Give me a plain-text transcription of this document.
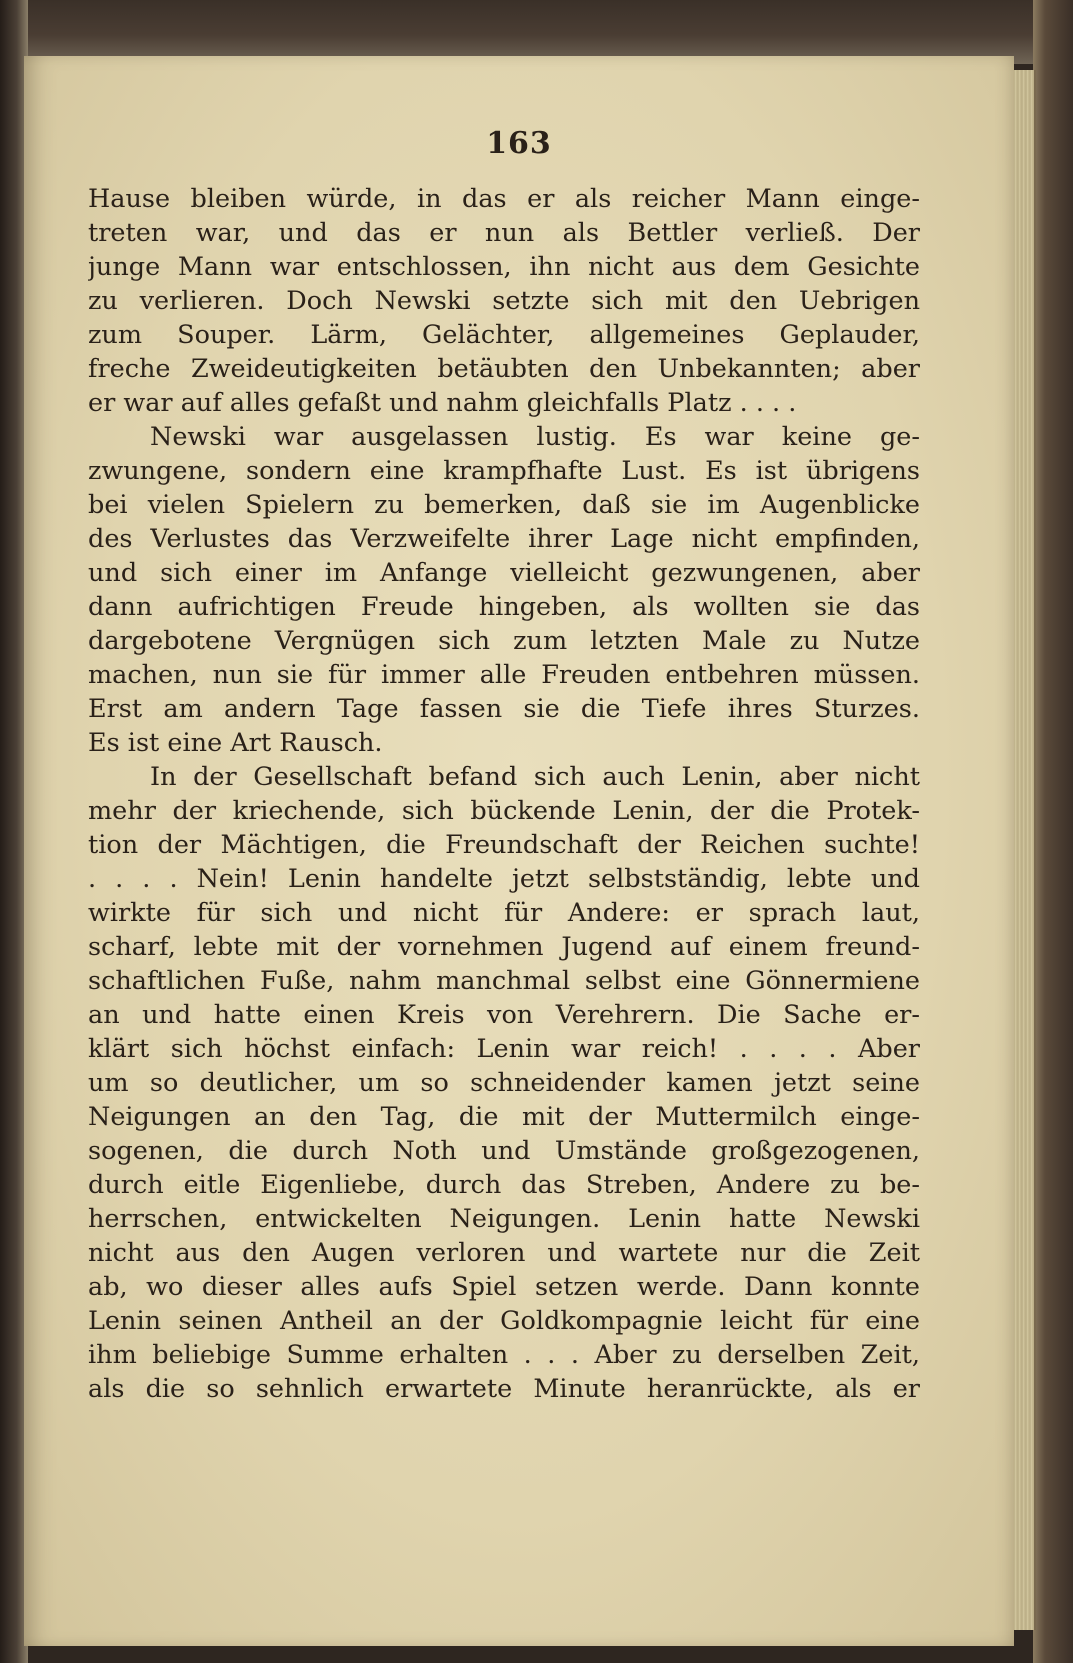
163
Hause bleiben würde, in das er als reicher Mann einge-
treten war, und das er nun als Bettler verließ. Der
junge Mann war entschlossen, ihn nicht aus dem Gesichte
zu verlieren. Doch Newski setzte sich mit den Uebrigen
zum Souper. Lärm, Gelächter, allgemeines Geplauder,
freche Zweideutigkeiten betäubten den Unbekannten; aber
er war auf alles gefaßt und nahm gleichfalls Platz . . . .
Newski war ausgelassen lustig. Es war keine ge-
zwungene, sondern eine krampfhafte Lust. Es ist übrigens
bei vielen Spielern zu bemerken, daß sie im Augenblicke
des Verlustes das Verzweifelte ihrer Lage nicht empfinden,
und sich einer im Anfange vielleicht gezwungenen, aber
dann aufrichtigen Freude hingeben, als wollten sie das
dargebotene Vergnügen sich zum letzten Male zu Nutze
machen, nun sie für immer alle Freuden entbehren müssen.
Erst am andern Tage fassen sie die Tiefe ihres Sturzes.
Es ist eine Art Rausch.
In der Gesellschaft befand sich auch Lenin, aber nicht
mehr der kriechende, sich bückende Lenin, der die Protek-
tion der Mächtigen, die Freundschaft der Reichen suchte!
. . . . Nein! Lenin handelte jetzt selbstständig, lebte und
wirkte für sich und nicht für Andere: er sprach laut,
scharf, lebte mit der vornehmen Jugend auf einem freund-
schaftlichen Fuße, nahm manchmal selbst eine Gönnermiene
an und hatte einen Kreis von Verehrern. Die Sache er-
klärt sich höchst einfach: Lenin war reich! . . . . Aber
um so deutlicher, um so schneidender kamen jetzt seine
Neigungen an den Tag, die mit der Muttermilch einge-
sogenen, die durch Noth und Umstände großgezogenen,
durch eitle Eigenliebe, durch das Streben, Andere zu be-
herrschen, entwickelten Neigungen. Lenin hatte Newski
nicht aus den Augen verloren und wartete nur die Zeit
ab, wo dieser alles aufs Spiel setzen werde. Dann konnte
Lenin seinen Antheil an der Goldkompagnie leicht für eine
ihm beliebige Summe erhalten . . . Aber zu derselben Zeit,
als die so sehnlich erwartete Minute heranrückte, als er
